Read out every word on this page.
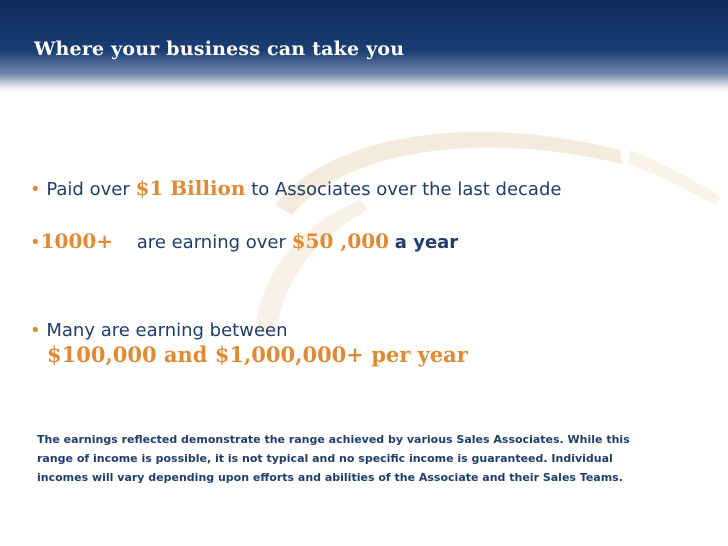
Where your business can take you
• Paid over $1 Billion to Associates over the last decade
•1000+ are earning over $50 ,000 a year
• Many are earning between
$100,000 and $1,000,000+ per year
The earnings reflected demonstrate the range achieved by various Sales Associates. While this
range of income is possible, it is not typical and no specific income is guaranteed. Individual
incomes will vary depending upon efforts and abilities of the Associate and their Sales Teams.
